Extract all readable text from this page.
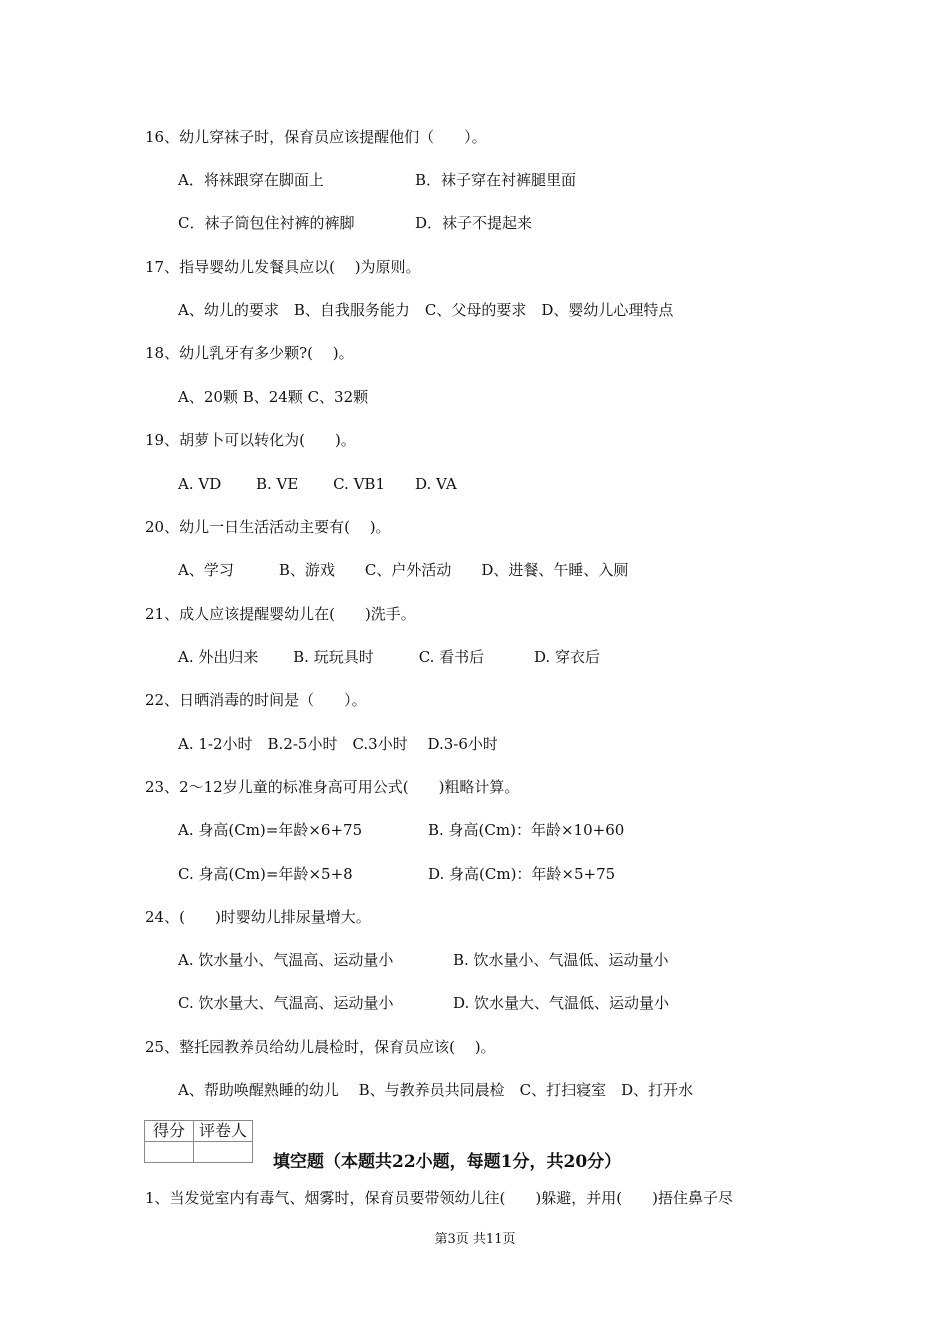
16、幼儿穿袜子时，保育员应该提醒他们（　　）。
A．将袜跟穿在脚面上	B．袜子穿在衬裤腿里面
C．袜子筒包住衬裤的裤脚	D．袜子不提起来
17、指导婴幼儿发餐具应以(　 )为原则。
A、幼儿的要求　B、自我服务能力　C、父母的要求　D、婴幼儿心理特点
18、幼儿乳牙有多少颗?(　 )。
A、20颗 B、24颗 C、32颗
19、胡萝卜可以转化为(　　)。
A. VD　　 B. VE　　 C. VB1　　D. VA
20、幼儿一日生活活动主要有(　 )。
A、学习　　　B、游戏　　C、户外活动　　D、进餐、午睡、入厕
21、成人应该提醒婴幼儿在(　　)洗手。
A. 外出归来　　 B. 玩玩具时　　　C. 看书后　　　 D. 穿衣后
22、日晒消毒的时间是（　　）。
A. 1-2小时　B.2-5小时　C.3小时　 D.3-6小时
23、2～12岁儿童的标准身高可用公式(　　)粗略计算。
A. 身高(Cm)=年龄×6+75	B. 身高(Cm)：年龄×10+60
C. 身高(Cm)=年龄×5+8	D. 身高(Cm)：年龄×5+75
24、(　　)时婴幼儿排尿量增大。
A. 饮水量小、气温高、运动量小	B. 饮水量小、气温低、运动量小
C. 饮水量大、气温高、运动量小	D. 饮水量大、气温低、运动量小
25、整托园教养员给幼儿晨检时，保育员应该(　 )。
A、帮助唤醒熟睡的幼儿　 B、与教养员共同晨检　C、打扫寝室　D、打开水
得分	评卷人

填空题（本题共22小题，每题1分，共20分）
1、当发觉室内有毒气、烟雾时，保育员要带领幼儿往(　　)躲避，并用(　　)捂住鼻子尽
第3页 共11页
